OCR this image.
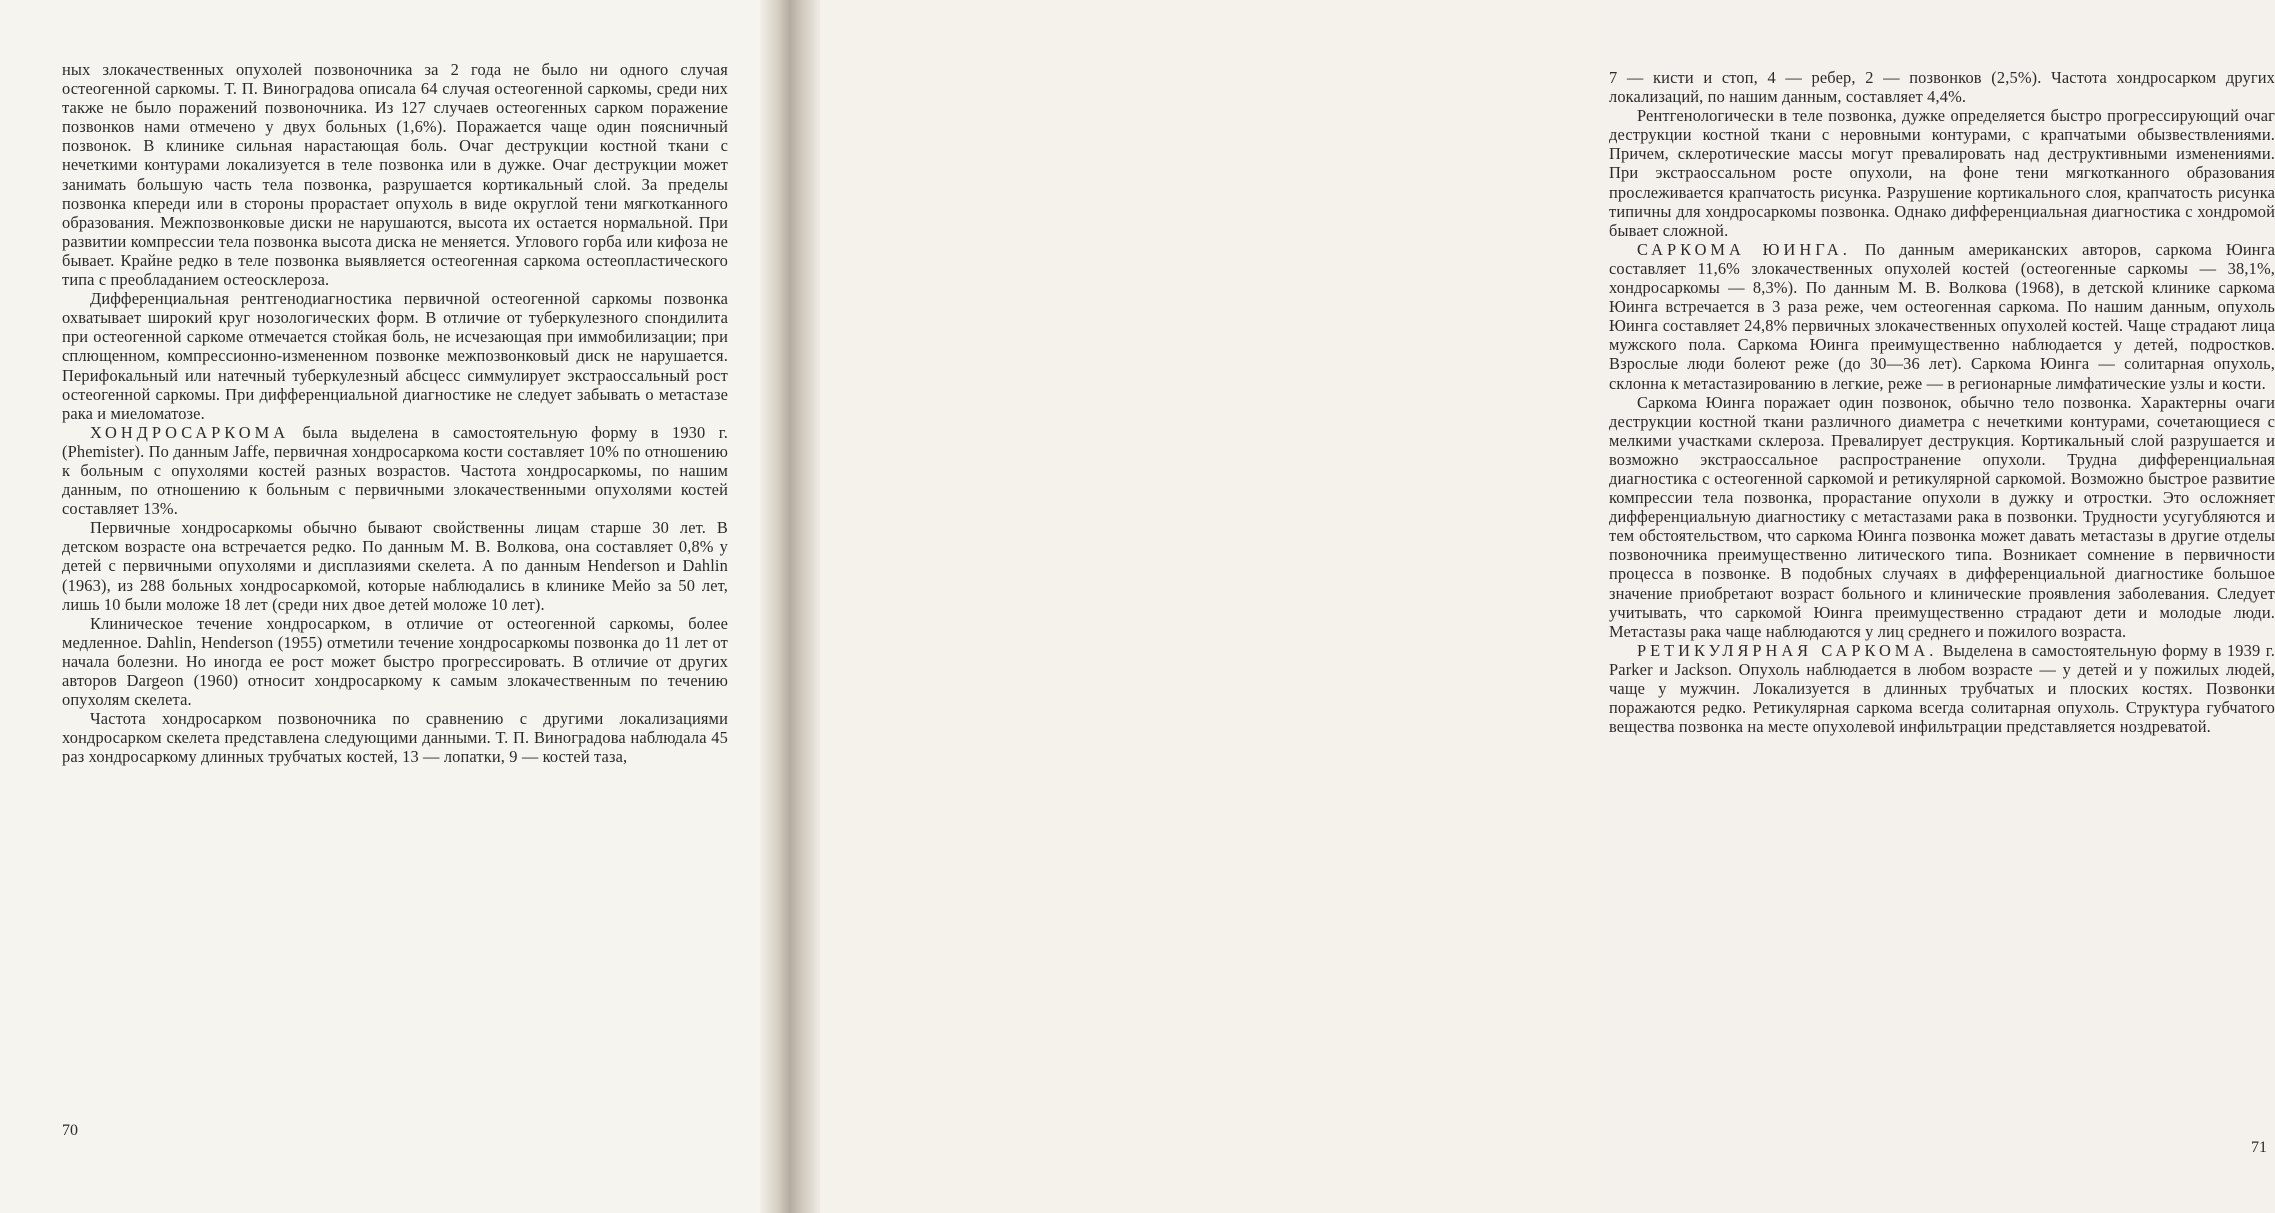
ных злокачественных опухолей позвоночника за 2 года не было ни одного случая остеогенной саркомы. Т. П. Виноградова описала 64 случая остеогенной саркомы, среди них также не было поражений позвоночника. Из 127 случаев остеогенных сарком поражение позвонков нами отмечено у двух больных (1,6%). Поражается чаще один поясничный позвонок. В клинике сильная нарастающая боль. Очаг деструкции костной ткани с нечеткими контурами локализуется в теле позвонка или в дужке. Очаг деструкции может занимать большую часть тела позвонка, разрушается кортикальный слой. За пределы позвонка кпереди или в стороны прорастает опухоль в виде округлой тени мягкотканного образования. Межпозвонковые диски не нарушаются, высота их остается нормальной. При развитии компрессии тела позвонка высота диска не меняется. Углового горба или кифоза не бывает. Крайне редко в теле позвонка выявляется остеогенная саркома остеопластического типа с преобладанием остеосклероза.

Дифференциальная рентгенодиагностика первичной остеогенной саркомы позвонка охватывает широкий круг нозологических форм. В отличие от туберкулезного спондилита при остеогенной саркоме отмечается стойкая боль, не исчезающая при иммобилизации; при сплющенном, компрессионно-измененном позвонке межпозвонковый диск не нарушается. Перифокальный или натечный туберкулезный абсцесс симмулирует экстраоссальный рост остеогенной саркомы. При дифференциальной диагностике не следует забывать о метастазе рака и миеломатозе.

ХОНДРОСАРКОМА была выделена в самостоятельную форму в 1930 г. (Phemister). По данным Jaffe, первичная хондросаркома кости составляет 10% по отношению к больным с опухолями костей разных возрастов. Частота хондросаркомы, по нашим данным, по отношению к больным с первичными злокачественными опухолями костей составляет 13%.

Первичные хондросаркомы обычно бывают свойственны лицам старше 30 лет. В детском возрасте она встречается редко. По данным М. В. Волкова, она составляет 0,8% у детей с первичными опухолями и дисплазиями скелета. А по данным Henderson и Dahlin (1963), из 288 больных хондросаркомой, которые наблюдались в клинике Мейо за 50 лет, лишь 10 были моложе 18 лет (среди них двое детей моложе 10 лет).

Клиническое течение хондросарком, в отличие от остеогенной саркомы, более медленное. Dahlin, Henderson (1955) отметили течение хондросаркомы позвонка до 11 лет от начала болезни. Но иногда ее рост может быстро прогрессировать. В отличие от других авторов Dargeon (1960) относит хондросаркому к самым злокачественным по течению опухолям скелета.

Частота хондросарком позвоночника по сравнению с другими локализациями хондросарком скелета представлена следующими данными. Т. П. Виноградова наблюдала 45 раз хондросаркому длинных трубчатых костей, 13 — лопатки, 9 — костей таза,

70

7 — кисти и стоп, 4 — ребер, 2 — позвонков (2,5%). Частота хондросарком других локализаций, по нашим данным, составляет 4,4%.

Рентгенологически в теле позвонка, дужке определяется быстро прогрессирующий очаг деструкции костной ткани с неровными контурами, с крапчатыми обызвествлениями. Причем, склеротические массы могут превалировать над деструктивными изменениями. При экстраоссальном росте опухоли, на фоне тени мягкотканного образования прослеживается крапчатость рисунка. Разрушение кортикального слоя, крапчатость рисунка типичны для хондросаркомы позвонка. Однако дифференциальная диагностика с хондромой бывает сложной.

САРКОМА ЮИНГА. По данным американских авторов, саркома Юинга составляет 11,6% злокачественных опухолей костей (остеогенные саркомы — 38,1%, хондросаркомы — 8,3%). По данным М. В. Волкова (1968), в детской клинике саркома Юинга встречается в 3 раза реже, чем остеогенная саркома. По нашим данным, опухоль Юинга составляет 24,8% первичных злокачественных опухолей костей. Чаще страдают лица мужского пола. Саркома Юинга преимущественно наблюдается у детей, подростков. Взрослые люди болеют реже (до 30—36 лет). Саркома Юинга — солитарная опухоль, склонна к метастазированию в легкие, реже — в регионарные лимфатические узлы и кости.

Саркома Юинга поражает один позвонок, обычно тело позвонка. Характерны очаги деструкции костной ткани различного диаметра с нечеткими контурами, сочетающиеся с мелкими участками склероза. Превалирует деструкция. Кортикальный слой разрушается и возможно экстраоссальное распространение опухоли. Трудна дифференциальная диагностика с остеогенной саркомой и ретикулярной саркомой. Возможно быстрое развитие компрессии тела позвонка, прорастание опухоли в дужку и отростки. Это осложняет дифференциальную диагностику с метастазами рака в позвонки. Трудности усугубляются и тем обстоятельством, что саркома Юинга позвонка может давать метастазы в другие отделы позвоночника преимущественно литического типа. Возникает сомнение в первичности процесса в позвонке. В подобных случаях в дифференциальной диагностике большое значение приобретают возраст больного и клинические проявления заболевания. Следует учитывать, что саркомой Юинга преимущественно страдают дети и молодые люди. Метастазы рака чаще наблюдаются у лиц среднего и пожилого возраста.

РЕТИКУЛЯРНАЯ САРКОМА. Выделена в самостоятельную форму в 1939 г. Parker и Jackson. Опухоль наблюдается в любом возрасте — у детей и у пожилых людей, чаще у мужчин. Локализуется в длинных трубчатых и плоских костях. Позвонки поражаются редко. Ретикулярная саркома всегда солитарная опухоль. Структура губчатого вещества позвонка на месте опухолевой инфильтрации представляется ноздреватой.

71
